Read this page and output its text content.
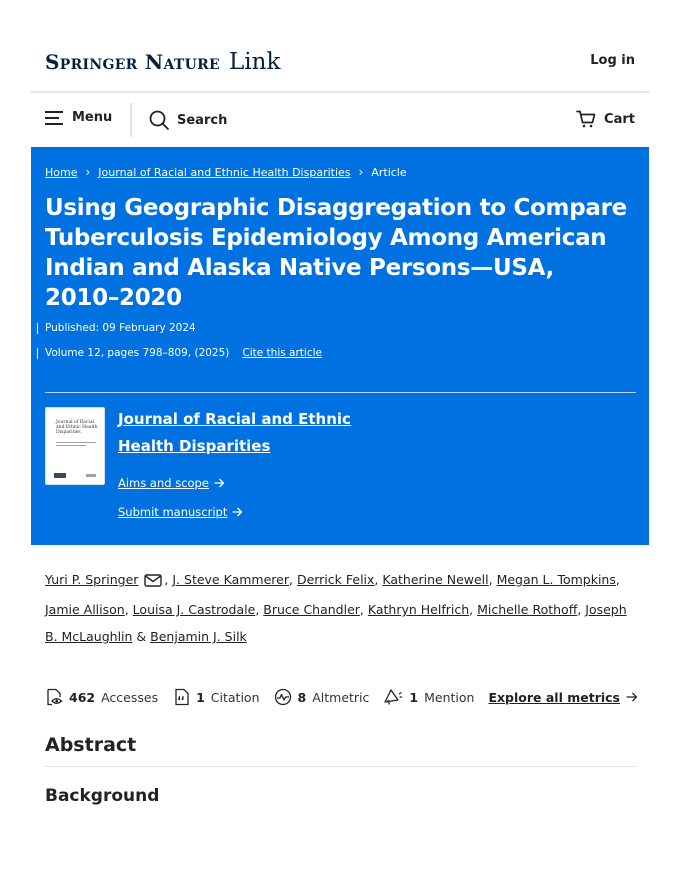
Springer Nature Link	Log in
Menu	Search	Cart
Home › Journal of Racial and Ethnic Health Disparities › Article
Using Geographic Disaggregation to Compare Tuberculosis Epidemiology Among American Indian and Alaska Native Persons—USA, 2010–2020
Published: 09 February 2024
Volume 12, pages 798–809, (2025) Cite this article
Journal of Racial and Ethnic Health Disparities
Journal of Racial and Ethnic Health Disparities
Aims and scope
Submit manuscript
Yuri P. Springer , J. Steve Kammerer, Derrick Felix, Katherine Newell, Megan L. Tompkins, Jamie Allison, Louisa J. Castrodale, Bruce Chandler, Kathryn Helfrich, Michelle Rothoff, Joseph B. McLaughlin & Benjamin J. Silk
462 Accesses	1 Citation	8 Altmetric	1 Mention Explore all metrics
Abstract
Background
